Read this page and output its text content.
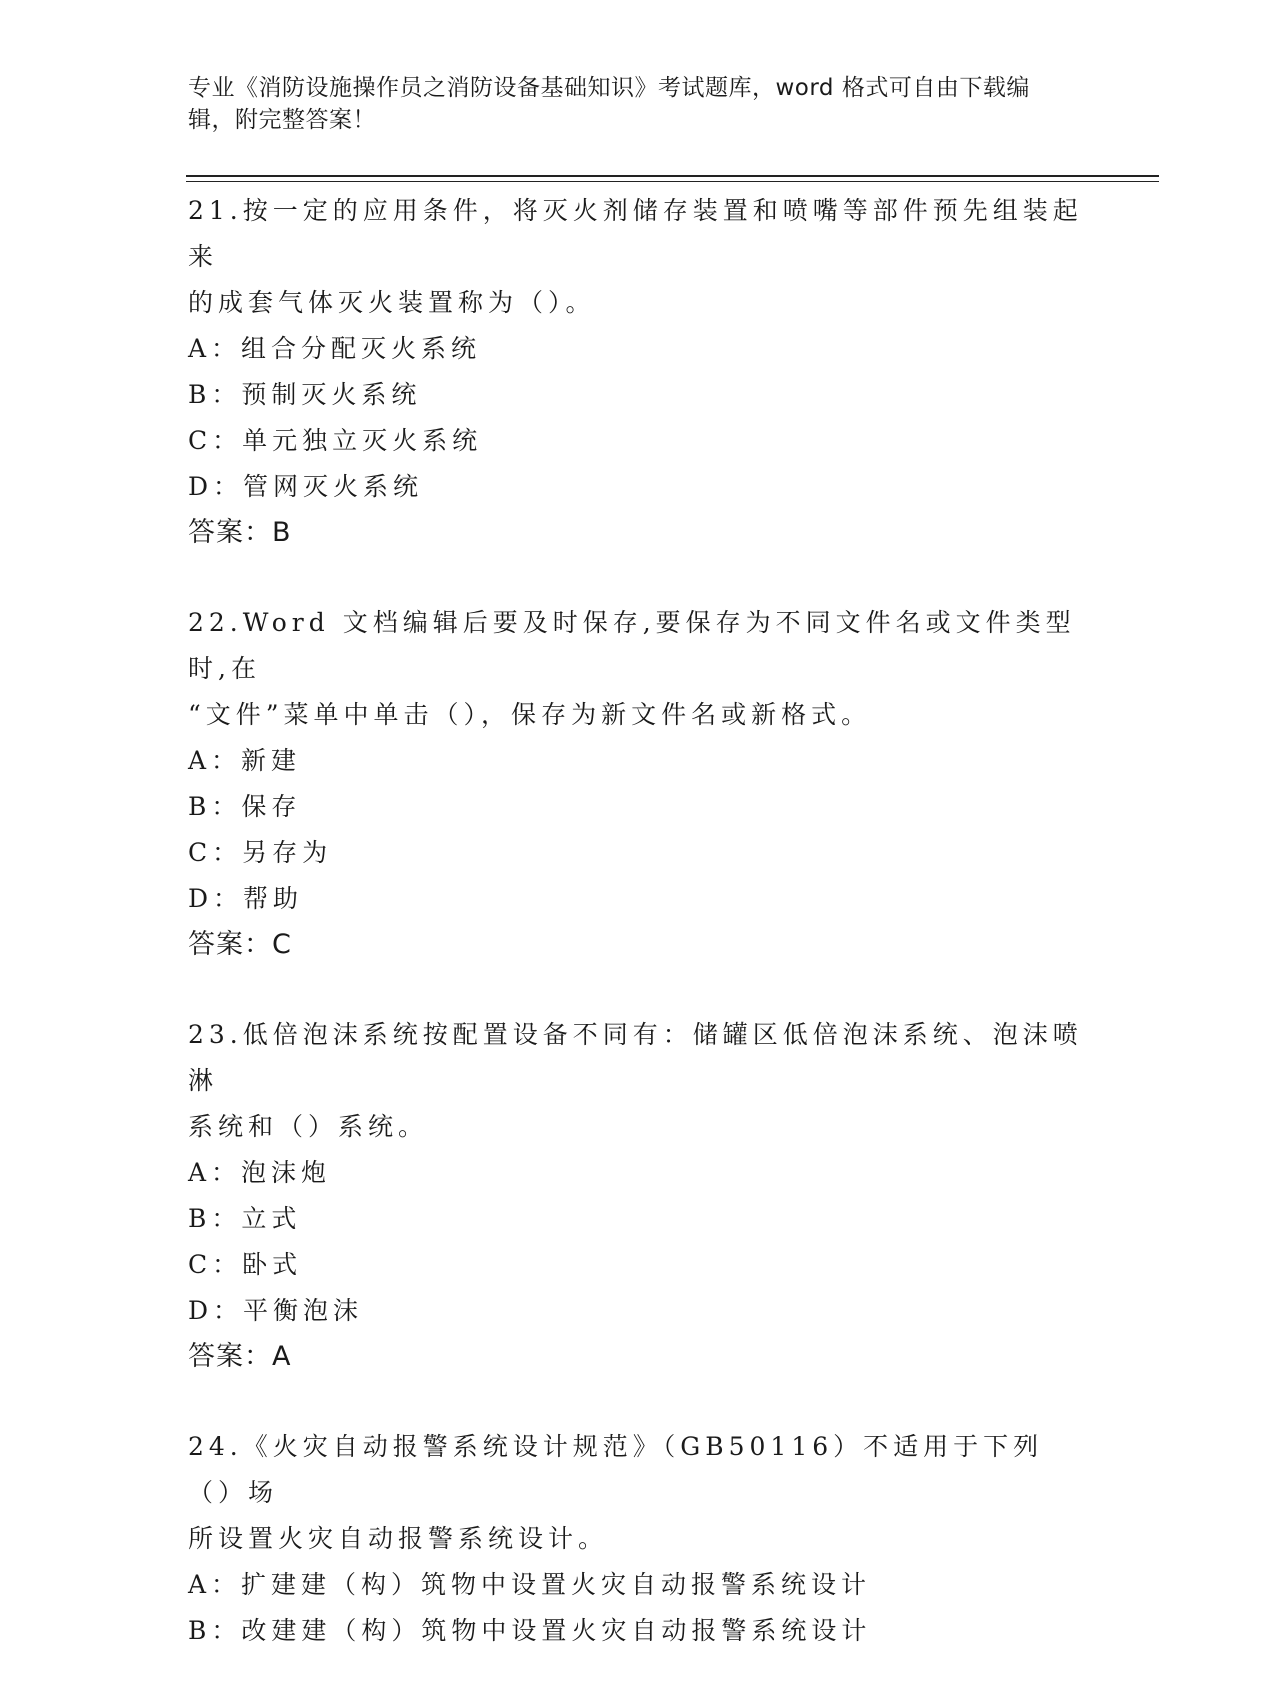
专业《消防设施操作员之消防设备基础知识》考试题库，word 格式可自由下载编
辑，附完整答案！

21.按一定的应用条件，将灭火剂储存装置和喷嘴等部件预先组装起来

的成套气体灭火装置称为（）。

A：组合分配灭火系统

B：预制灭火系统

C：单元独立灭火系统

D：管网灭火系统

答案：B

22.Word 文档编辑后要及时保存,要保存为不同文件名或文件类型时,在

“文件”菜单中单击（），保存为新文件名或新格式。

A：新建

B：保存

C：另存为

D：帮助

答案：C

23.低倍泡沫系统按配置设备不同有：储罐区低倍泡沫系统、泡沫喷淋

系统和（）系统。

A：泡沫炮

B：立式

C：卧式

D：平衡泡沫

答案：A

24.《火灾自动报警系统设计规范》（GB50116）不适用于下列（）场

所设置火灾自动报警系统设计。

A：扩建建（构）筑物中设置火灾自动报警系统设计

B：改建建（构）筑物中设置火灾自动报警系统设计
